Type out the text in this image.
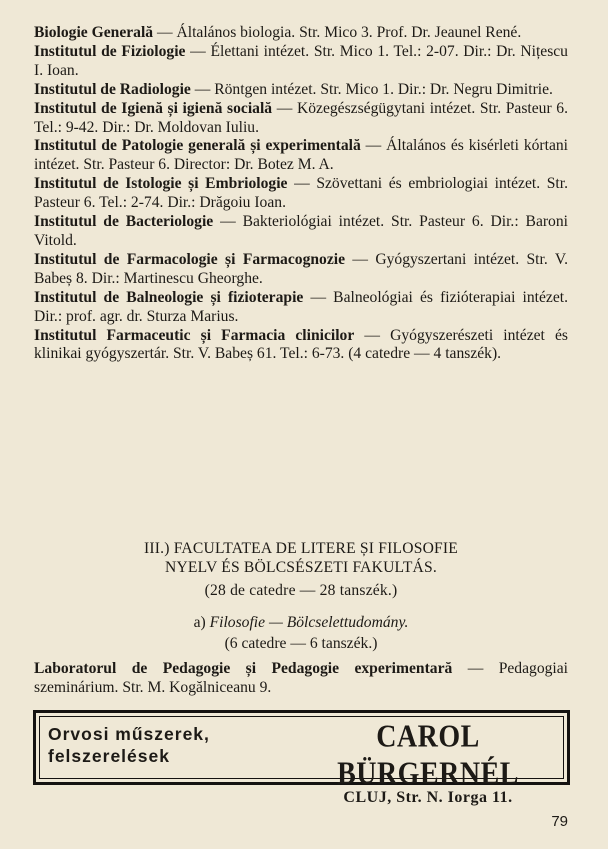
Biologie Generală — Általános biologia. Str. Mico 3. Prof. Dr. Jeaunel René.

Institutul de Fiziologie — Élettani intézet. Str. Mico 1. Tel.: 2-07. Dir.: Dr. Nițescu I. Ioan.

Institutul de Radiologie — Röntgen intézet. Str. Mico 1. Dir.: Dr. Negru Dimitrie.

Institutul de Igienă și igienă socială — Közegészségügytani intézet. Str. Pasteur 6. Tel.: 9-42. Dir.: Dr. Moldovan Iuliu.

Institutul de Patologie generală și experimentală — Általános és kisérleti kórtani intézet. Str. Pasteur 6. Director: Dr. Botez M. A.

Institutul de Istologie și Embriologie — Szövettani és embriologiai intézet. Str. Pasteur 6. Tel.: 2-74. Dir.: Drăgoiu Ioan.

Institutul de Bacteriologie — Bakteriológiai intézet. Str. Pasteur 6. Dir.: Baroni Vitold.

Institutul de Farmacologie și Farmacognozie — Gyógyszertani intézet. Str. V. Babeș 8. Dir.: Martinescu Gheorghe.

Institutul de Balneologie și fizioterapie — Balneológiai és fizióterapiai intézet. Dir.: prof. agr. dr. Sturza Marius.

Institutul Farmaceutic și Farmacia clinicilor — Gyógyszerészeti intézet és klinikai gyógyszertár. Str. V. Babeș 61. Tel.: 6-73. (4 catedre — 4 tanszék).

III.) FACULTATEA DE LITERE ȘI FILOSOFIE

NYELV ÉS BÖLCSÉSZETI FAKULTÁS.

(28 de catedre — 28 tanszék.)

a) Filosofie — Bölcselettudomány.

(6 catedre — 6 tanszék.)

Laboratorul de Pedagogie și Pedagogie experimentară — Pedagogiai szeminárium. Str. M. Kogălniceanu 9.

Orvosi műszerek,
felszerelések
CAROL BÜRGERNÉL
CLUJ, Str. N. Iorga 11.
79
